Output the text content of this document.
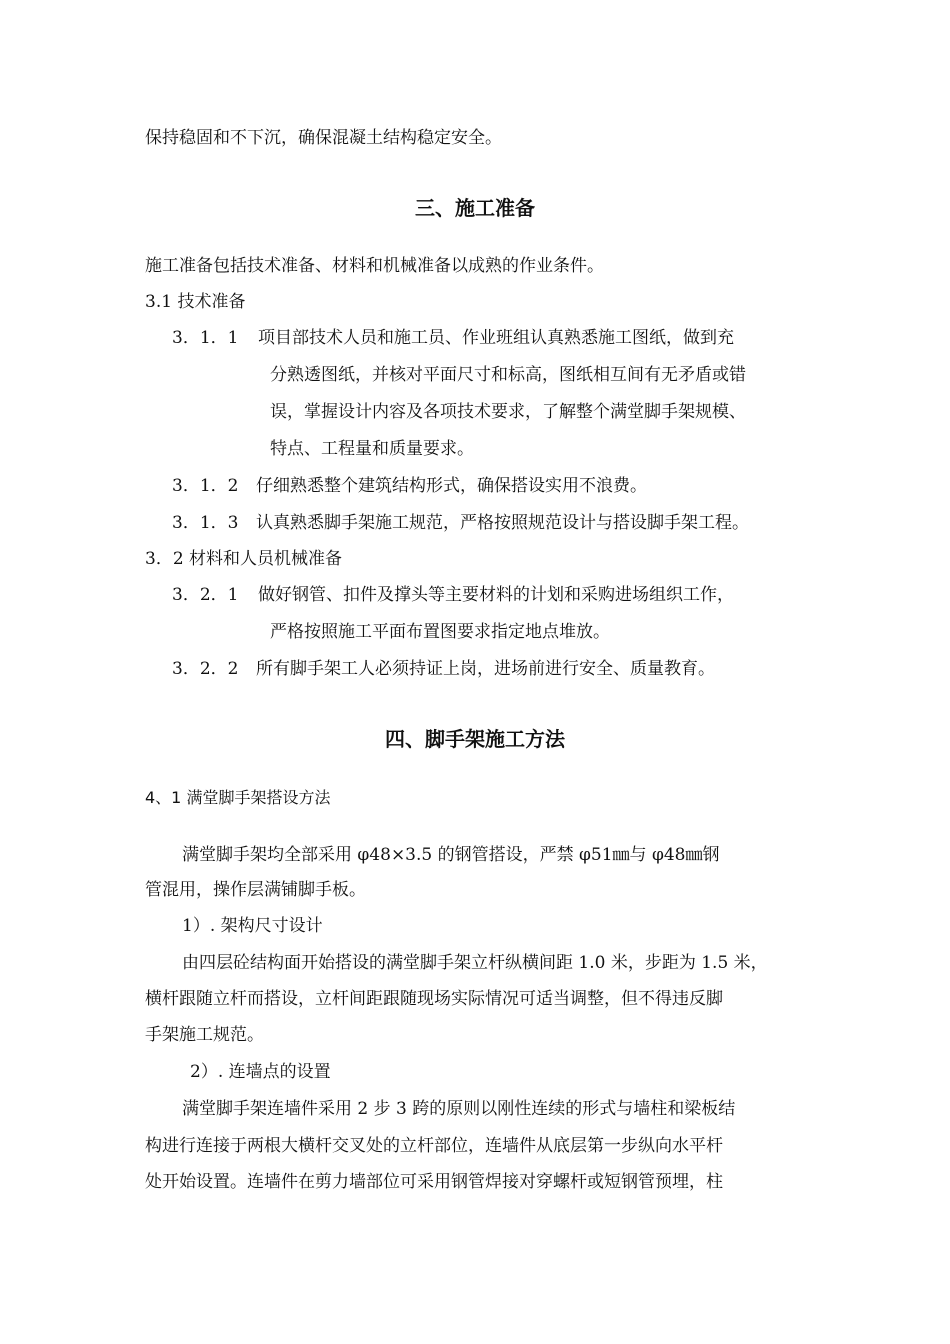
保持稳固和不下沉，确保混凝土结构稳定安全。
三、施工准备
施工准备包括技术准备、材料和机械准备以成熟的作业条件。
3.1 技术准备
3．1．1 项目部技术人员和施工员、作业班组认真熟悉施工图纸，做到充
分熟透图纸，并核对平面尺寸和标高，图纸相互间有无矛盾或错
误，掌握设计内容及各项技术要求，了解整个满堂脚手架规模、
特点、工程量和质量要求。
3．1．2 仔细熟悉整个建筑结构形式，确保搭设实用不浪费。
3．1．3 认真熟悉脚手架施工规范，严格按照规范设计与搭设脚手架工程。
3．2 材料和人员机械准备
3．2．1 做好钢管、扣件及撑头等主要材料的计划和采购进场组织工作，
严格按照施工平面布置图要求指定地点堆放。
3．2．2 所有脚手架工人必须持证上岗，进场前进行安全、质量教育。
四、脚手架施工方法
4、1 满堂脚手架搭设方法
满堂脚手架均全部采用 φ48×3.5 的钢管搭设，严禁 φ51㎜与 φ48㎜钢
管混用，操作层满铺脚手板。
1）. 架构尺寸设计
由四层砼结构面开始搭设的满堂脚手架立杆纵横间距 1.0 米，步距为 1.5 米，
横杆跟随立杆而搭设，立杆间距跟随现场实际情况可适当调整，但不得违反脚
手架施工规范。
2）. 连墙点的设置
满堂脚手架连墙件采用 2 步 3 跨的原则以刚性连续的形式与墙柱和梁板结
构进行连接于两根大横杆交叉处的立杆部位，连墙件从底层第一步纵向水平杆
处开始设置。连墙件在剪力墙部位可采用钢管焊接对穿螺杆或短钢管预埋，柱
